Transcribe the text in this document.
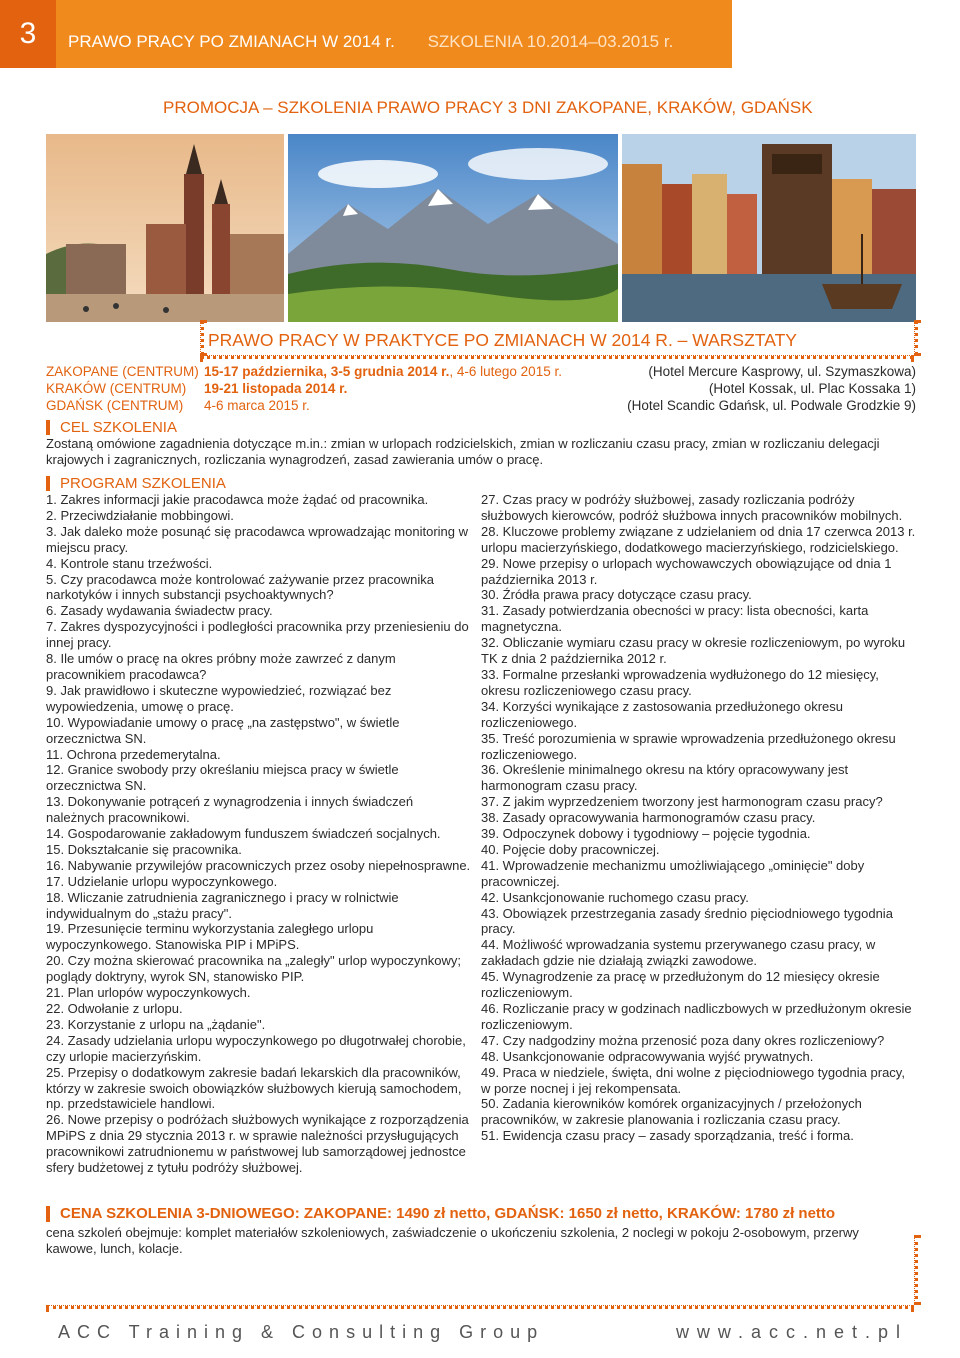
3	PRAWO PRACY PO ZMIANACH W 2014 r. SZKOLENIA 10.2014–03.2015 r.
PROMOCJA – SZKOLENIA PRAWO PRACY 3 DNI ZAKOPANE, KRAKÓW, GDAŃSK
PRAWO PRACY W PRAKTYCE PO ZMIANACH W 2014 R. – WARSZTATY
ZAKOPANE (CENTRUM) 15-17 października, 3-5 grudnia 2014 r., 4-6 lutego 2015 r.	(Hotel Mercure Kasprowy, ul. Szymaszkowa)
KRAKÓW (CENTRUM) 19-21 listopada 2014 r.	(Hotel Kossak, ul. Plac Kossaka 1)
GDAŃSK (CENTRUM) 4-6 marca 2015 r.	(Hotel Scandic Gdańsk, ul. Podwale Grodzkie 9)
CEL SZKOLENIA
Zostaną omówione zagadnienia dotyczące m.in.: zmian w urlopach rodzicielskich, zmian w rozliczaniu czasu pracy, zmian w rozliczaniu delegacji krajowych i zagranicznych, rozliczania wynagrodzeń, zasad zawierania umów o pracę.
PROGRAM SZKOLENIA

1. Zakres informacji jakie pracodawca może żądać od pracownika.

2. Przeciwdziałanie mobbingowi.

3. Jak daleko może posunąć się pracodawca wprowadzając monitoring w miejscu pracy.

4. Kontrole stanu trzeźwości.

5. Czy pracodawca może kontrolować zażywanie przez pracownika narkotyków i innych substancji psychoaktywnych?

6. Zasady wydawania świadectw pracy.

7. Zakres dyspozycyjności i podległości pracownika przy przeniesieniu do innej pracy.

8. Ile umów o pracę na okres próbny może zawrzeć z danym pracownikiem pracodawca?

9. Jak prawidłowo i skuteczne wypowiedzieć, rozwiązać bez wypowiedzenia, umowę o pracę.

10. Wypowiadanie umowy o pracę „na zastępstwo", w świetle orzecznictwa SN.

11. Ochrona przedemerytalna.

12. Granice swobody przy określaniu miejsca pracy w świetle orzecznictwa SN.

13. Dokonywanie potrąceń z wynagrodzenia i innych świadczeń należnych pracownikowi.

14. Gospodarowanie zakładowym funduszem świadczeń socjalnych.

15. Dokształcanie się pracownika.

16. Nabywanie przywilejów pracowniczych przez osoby niepełnosprawne.

17. Udzielanie urlopu wypoczynkowego.

18. Wliczanie zatrudnienia zagranicznego i pracy w rolnictwie indywidualnym do „stażu pracy".

19. Przesunięcie terminu wykorzystania zaległego urlopu wypoczynkowego. Stanowiska PIP i MPiPS.

20. Czy można skierować pracownika na „zaległy" urlop wypoczynkowy; poglądy doktryny, wyrok SN, stanowisko PIP.

21. Plan urlopów wypoczynkowych.

22. Odwołanie z urlopu.

23. Korzystanie z urlopu na „żądanie".

24. Zasady udzielania urlopu wypoczynkowego po długotrwałej chorobie, czy urlopie macierzyńskim.

25. Przepisy o dodatkowym zakresie badań lekarskich dla pracowników, którzy w zakresie swoich obowiązków służbowych kierują samochodem, np. przedstawiciele handlowi.

26. Nowe przepisy o podróżach służbowych wynikające z rozporządzenia MPiPS z dnia 29 stycznia 2013 r. w sprawie należności przysługujących pracownikowi zatrudnionemu w państwowej lub samorządowej jednostce sfery budżetowej z tytułu podróży służbowej.

27. Czas pracy w podróży służbowej, zasady rozliczania podróży służbowych kierowców, podróż służbowa innych pracowników mobilnych.

28. Kluczowe problemy związane z udzielaniem od dnia 17 czerwca 2013 r. urlopu macierzyńskiego, dodatkowego macierzyńskiego, rodzicielskiego.

29. Nowe przepisy o urlopach wychowawczych obowiązujące od dnia 1 października 2013 r.

30. Źródła prawa pracy dotyczące czasu pracy.

31. Zasady potwierdzania obecności w pracy: lista obecności, karta magnetyczna.

32. Obliczanie wymiaru czasu pracy w okresie rozliczeniowym, po wyroku TK z dnia 2 października 2012 r.

33. Formalne przesłanki wprowadzenia wydłużonego do 12 miesięcy, okresu rozliczeniowego czasu pracy.

34. Korzyści wynikające z zastosowania przedłużonego okresu rozliczeniowego.

35. Treść porozumienia w sprawie wprowadzenia przedłużonego okresu rozliczeniowego.

36. Określenie minimalnego okresu na który opracowywany jest harmonogram czasu pracy.

37. Z jakim wyprzedzeniem tworzony jest harmonogram czasu pracy?

38. Zasady opracowywania harmonogramów czasu pracy.

39. Odpoczynek dobowy i tygodniowy – pojęcie tygodnia.

40. Pojęcie doby pracowniczej.

41. Wprowadzenie mechanizmu umożliwiającego „ominięcie" doby pracowniczej.

42. Usankcjonowanie ruchomego czasu pracy.

43. Obowiązek przestrzegania zasady średnio pięciodniowego tygodnia pracy.

44. Możliwość wprowadzania systemu przerywanego czasu pracy, w zakładach gdzie nie działają związki zawodowe.

45. Wynagrodzenie za pracę w przedłużonym do 12 miesięcy okresie rozliczeniowym.

46. Rozliczanie pracy w godzinach nadliczbowych w przedłużonym okresie rozliczeniowym.

47. Czy nadgodziny można przenosić poza dany okres rozliczeniowy?

48. Usankcjonowanie odpracowywania wyjść prywatnych.

49. Praca w niedziele, święta, dni wolne z pięciodniowego tygodnia pracy, w porze nocnej i jej rekompensata.

50. Zadania kierowników komórek organizacyjnych / przełożonych pracowników, w zakresie planowania i rozliczania czasu pracy.

51. Ewidencja czasu pracy – zasady sporządzania, treść i forma.

CENA SZKOLENIA 3-DNIOWEGO: ZAKOPANE: 1490 zł netto, GDAŃSK: 1650 zł netto, KRAKÓW: 1780 zł netto
cena szkoleń obejmuje: komplet materiałów szkoleniowych, zaświadczenie o ukończeniu szkolenia, 2 noclegi w pokoju 2-osobowym, przerwy kawowe, lunch, kolacje.
ACC Training & Consulting Group	www.acc.net.pl
